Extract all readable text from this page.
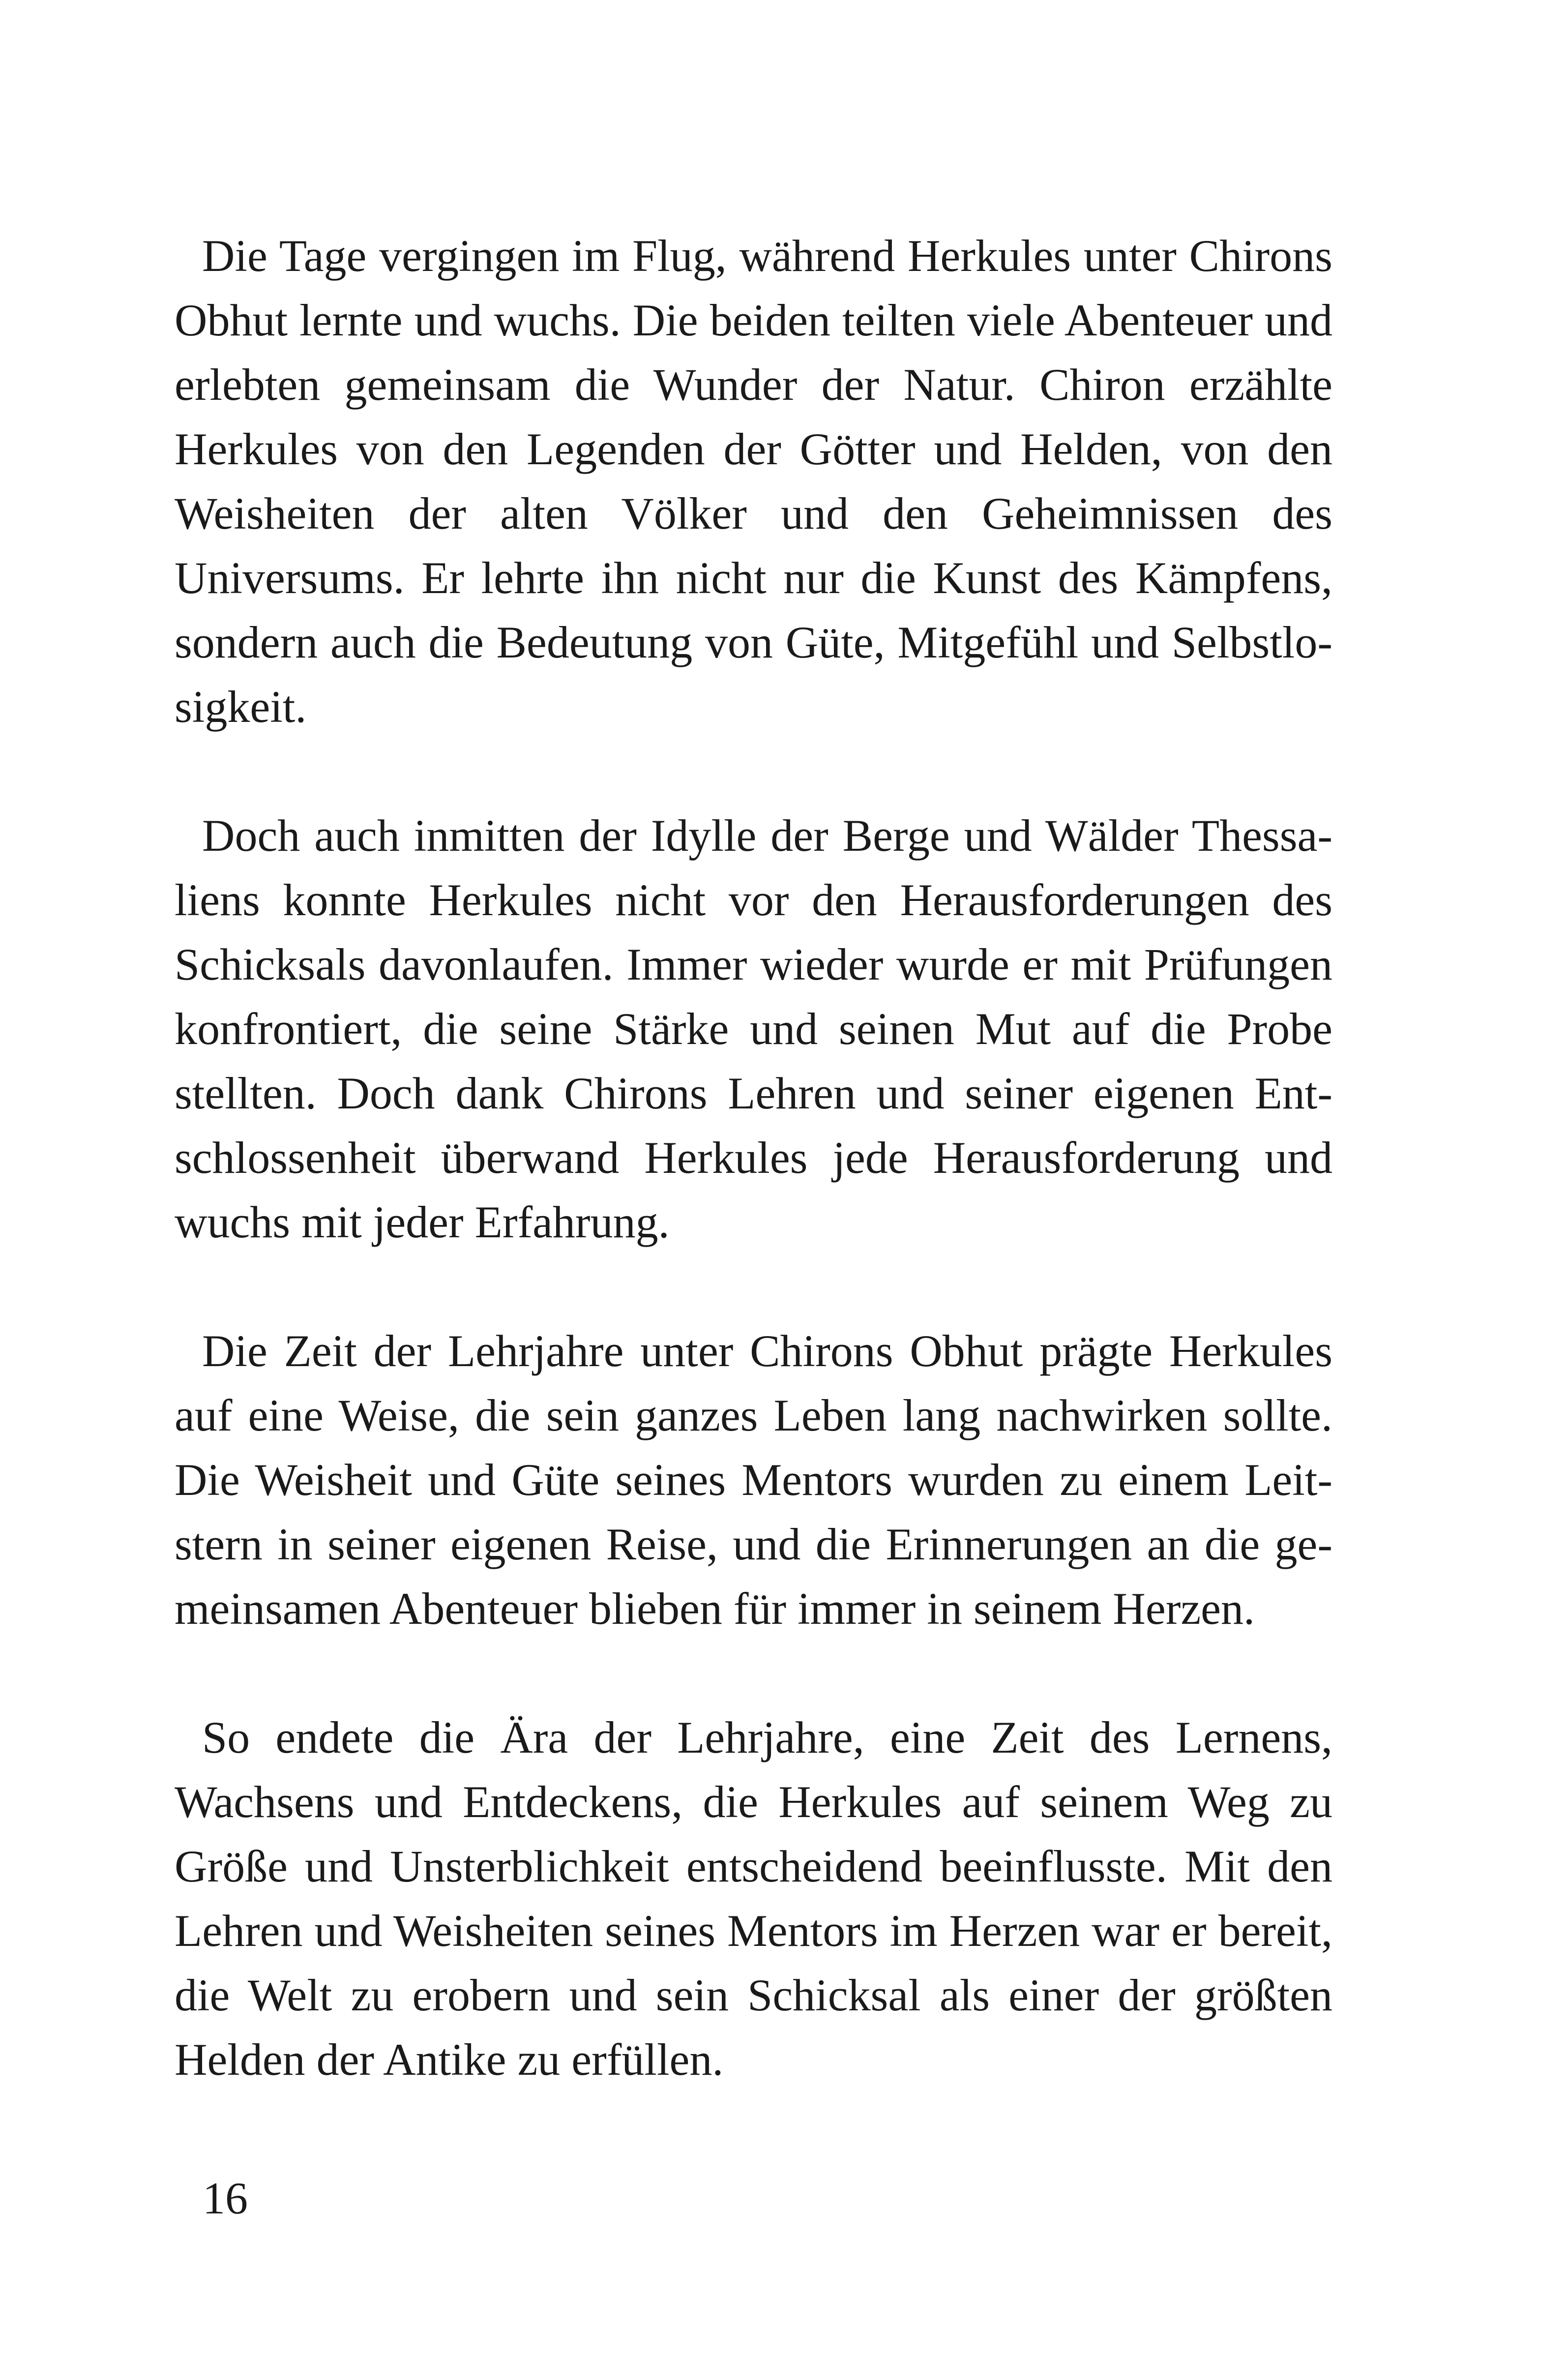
Die Tage vergingen im Flug, während Herkules unter Chirons Obhut lernte und wuchs. Die beiden teilten viele Abenteuer und erlebten gemeinsam die Wunder der Natur. Chiron erzählte Herkules von den Legenden der Götter und Helden, von den Weisheiten der alten Völker und den Geheimnissen des Universums. Er lehrte ihn nicht nur die Kunst des Kämpfens, sondern auch die Bedeutung von Güte, Mitgefühl und Selbstlosigkeit.

Doch auch inmitten der Idylle der Berge und Wälder Thessaliens konnte Herkules nicht vor den Herausforderungen des Schicksals davonlaufen. Immer wieder wurde er mit Prüfungen konfrontiert, die seine Stärke und seinen Mut auf die Probe stellten. Doch dank Chirons Lehren und seiner eigenen Entschlossenheit überwand Herkules jede Herausforderung und wuchs mit jeder Erfahrung.

Die Zeit der Lehrjahre unter Chirons Obhut prägte Herkules auf eine Weise, die sein ganzes Leben lang nachwirken sollte. Die Weisheit und Güte seines Mentors wurden zu einem Leitstern in seiner eigenen Reise, und die Erinnerungen an die gemeinsamen Abenteuer blieben für immer in seinem Herzen.

So endete die Ära der Lehrjahre, eine Zeit des Lernens, Wachsens und Entdeckens, die Herkules auf seinem Weg zu Größe und Unsterblichkeit entscheidend beeinflusste. Mit den Lehren und Weisheiten seines Mentors im Herzen war er bereit, die Welt zu erobern und sein Schicksal als einer der größten Helden der Antike zu erfüllen.

16
